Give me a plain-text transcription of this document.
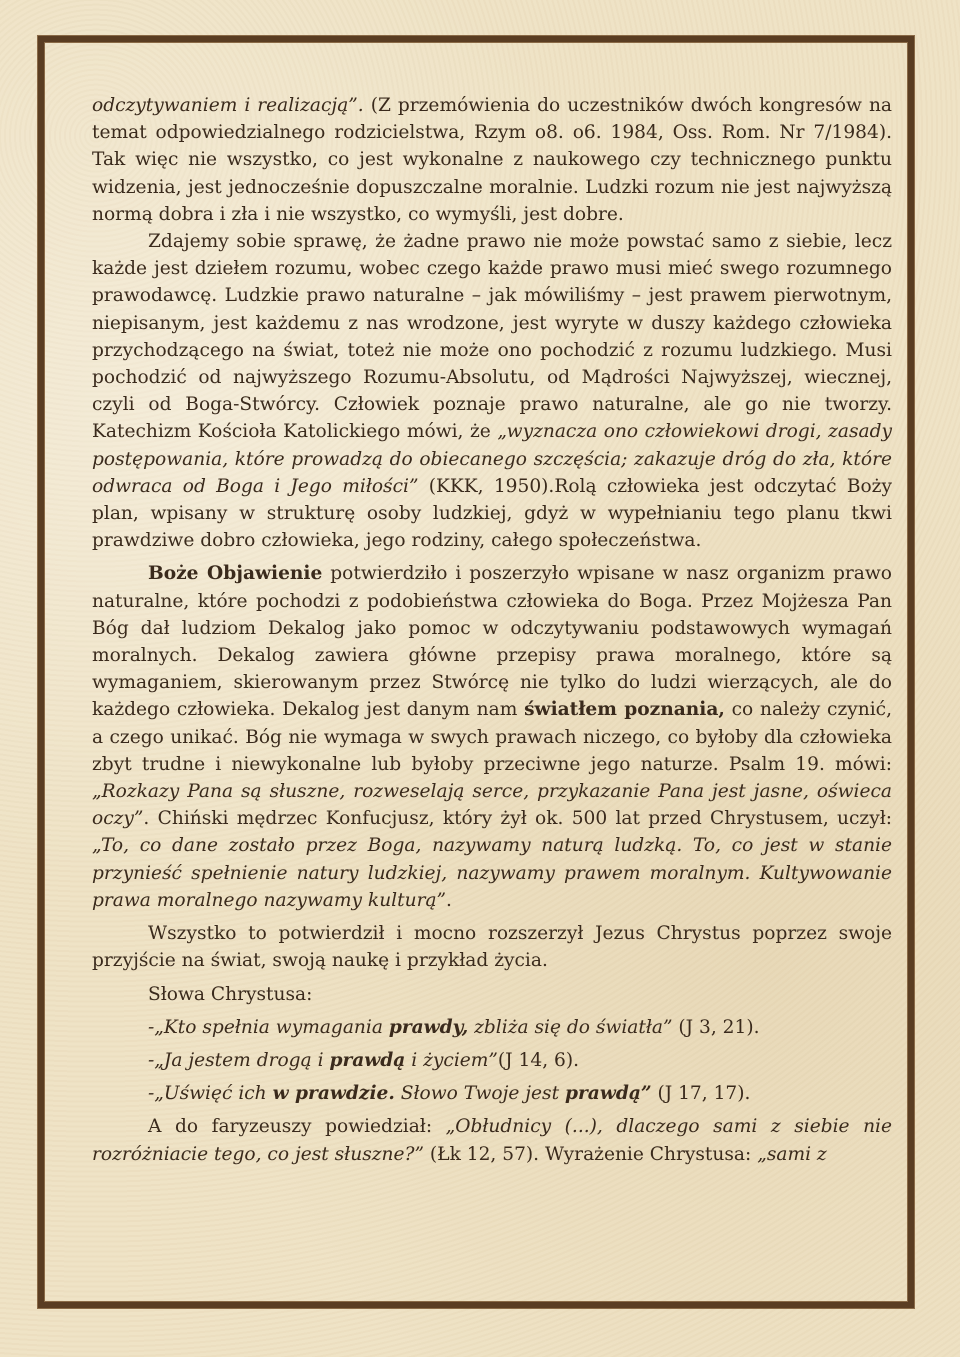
odczytywaniem i realizacją”. (Z przemówienia do uczestników dwóch kongresów na temat odpowiedzialnego rodzicielstwa, Rzym o8. o6. 1984, Oss. Rom. Nr 7/1984). Tak więc nie wszystko, co jest wykonalne z naukowego czy technicznego punktu widzenia, jest jednocześnie dopuszczalne moralnie. Ludzki rozum nie jest najwyższą normą dobra i zła i nie wszystko, co wymyśli, jest dobre.

Zdajemy sobie sprawę, że żadne prawo nie może powstać samo z siebie, lecz każde jest dziełem rozumu, wobec czego każde prawo musi mieć swego rozumnego prawodawcę. Ludzkie prawo naturalne – jak mówiliśmy – jest prawem pierwotnym, niepisanym, jest każdemu z nas wrodzone, jest wyryte w duszy każdego człowieka przychodzącego na świat, toteż nie może ono pochodzić z rozumu ludzkiego. Musi pochodzić od najwyższego Rozumu-Absolutu, od Mądrości Najwyższej, wiecznej, czyli od Boga-Stwórcy. Człowiek poznaje prawo naturalne, ale go nie tworzy. Katechizm Kościoła Katolickiego mówi, że „wyznacza ono człowiekowi drogi, zasady postępowania, które prowadzą do obiecanego szczęścia; zakazuje dróg do zła, które odwraca od Boga i Jego miłości” (KKK, 1950).Rolą człowieka jest odczytać Boży plan, wpisany w strukturę osoby ludzkiej, gdyż w wypełnianiu tego planu tkwi prawdziwe dobro człowieka, jego rodziny, całego społeczeństwa.

Boże Objawienie potwierdziło i poszerzyło wpisane w nasz organizm prawo naturalne, które pochodzi z podobieństwa człowieka do Boga. Przez Mojżesza Pan Bóg dał ludziom Dekalog jako pomoc w odczytywaniu podstawowych wymagań moralnych. Dekalog zawiera główne przepisy prawa moralnego, które są wymaganiem, skierowanym przez Stwórcę nie tylko do ludzi wierzących, ale do każdego człowieka. Dekalog jest danym nam światłem poznania, co należy czynić, a czego unikać. Bóg nie wymaga w swych prawach niczego, co byłoby dla człowieka zbyt trudne i niewykonalne lub byłoby przeciwne jego naturze. Psalm 19. mówi: „Rozkazy Pana są słuszne, rozweselają serce, przykazanie Pana jest jasne, oświeca oczy”. Chiński mędrzec Konfucjusz, który żył ok. 500 lat przed Chrystusem, uczył: „To, co dane zostało przez Boga, nazywamy naturą ludzką. To, co jest w stanie przynieść spełnienie natury ludzkiej, nazywamy prawem moralnym. Kultywowanie prawa moralnego nazywamy kulturą”.

Wszystko to potwierdził i mocno rozszerzył Jezus Chrystus poprzez swoje przyjście na świat, swoją naukę i przykład życia.

Słowa Chrystusa:

-„Kto spełnia wymagania prawdy, zbliża się do światła” (J 3, 21).
-„Ja jestem drogą i prawdą i życiem”(J 14, 6).
-„Uświęć ich w prawdzie. Słowo Twoje jest prawdą” (J 17, 17).

A do faryzeuszy powiedział: „Obłudnicy (...), dlaczego sami z siebie nie rozróżniacie tego, co jest słuszne?” (Łk 12, 57). Wyrażenie Chrystusa: „sami z
